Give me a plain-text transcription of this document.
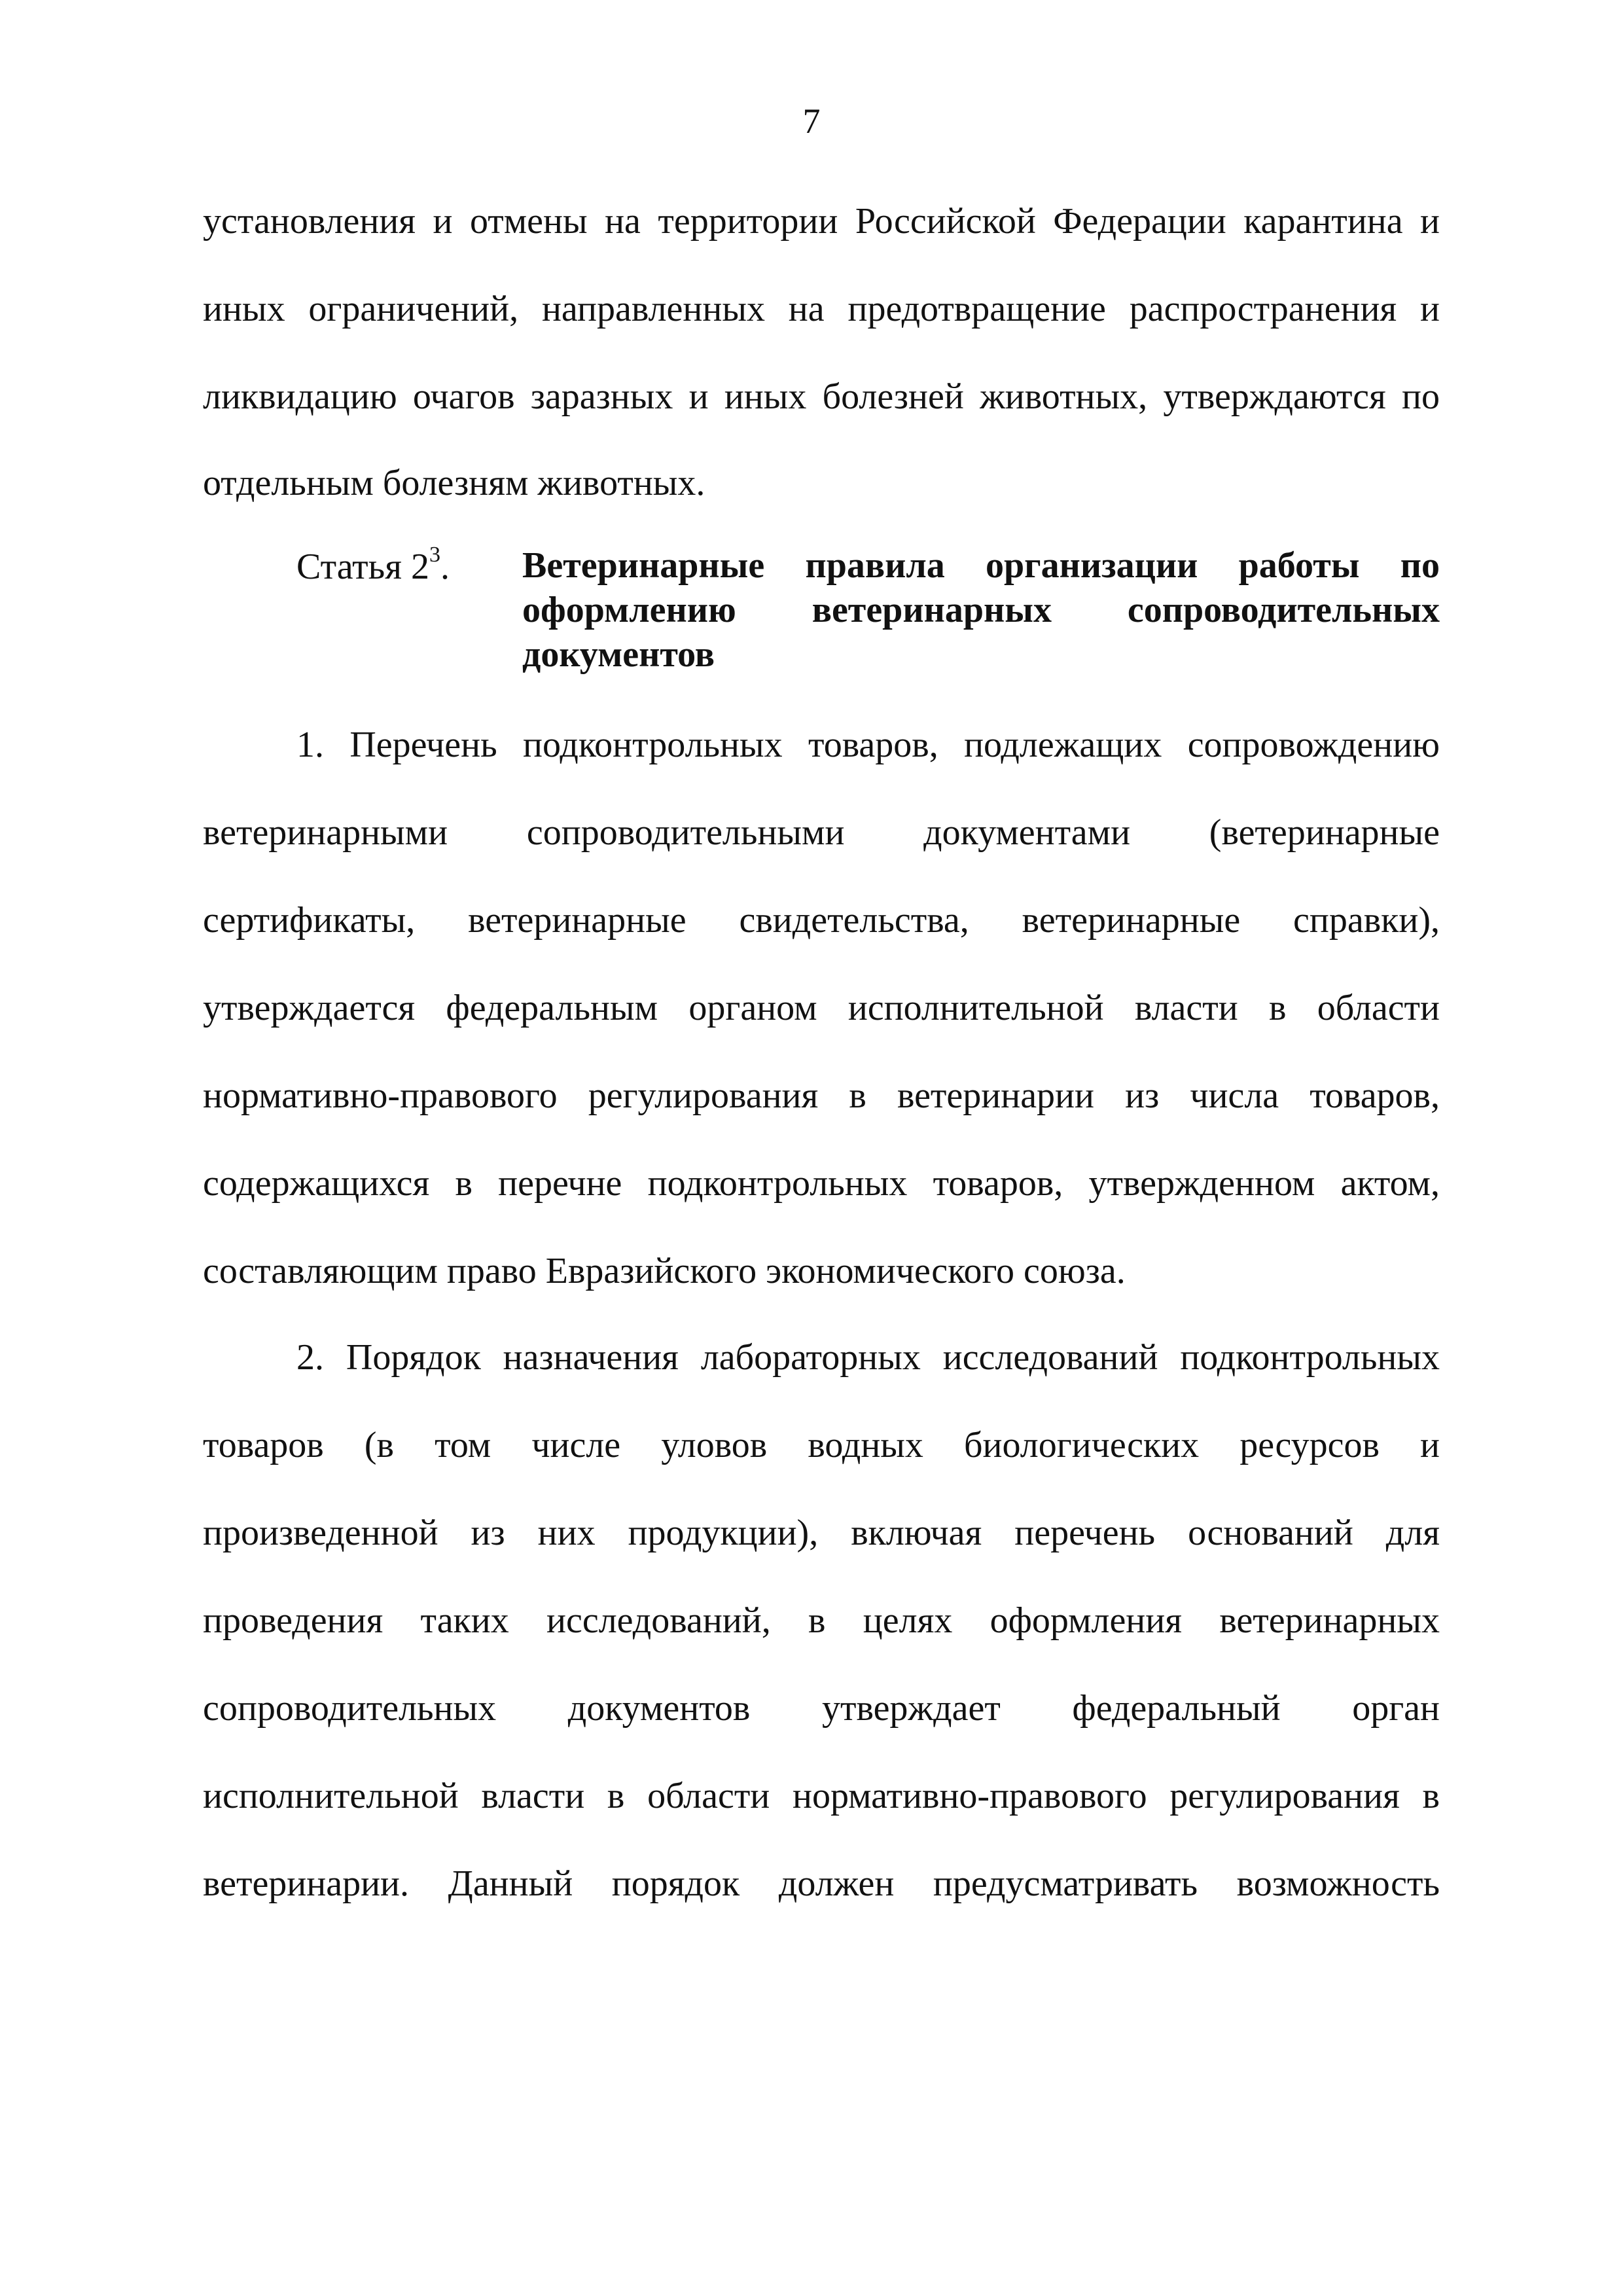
7
установления и отмены на территории Российской Федерации карантина и
иных ограничений, направленных на предотвращение распространения и
ликвидацию очагов заразных и иных болезней животных, утверждаются по
отдельным болезням животных.
Статья $2^3$. Ветеринарные правила организации работы по
оформлению ветеринарных сопроводительных
документов
1. Перечень подконтрольных товаров, подлежащих сопровождению
ветеринарными сопроводительными документами (ветеринарные
сертификаты, ветеринарные свидетельства, ветеринарные справки),
утверждается федеральным органом исполнительной власти в области
нормативно-правового регулирования в ветеринарии из числа товаров,
содержащихся в перечне подконтрольных товаров, утвержденном актом,
составляющим право Евразийского экономического союза.
2. Порядок назначения лабораторных исследований подконтрольных
товаров (в том числе уловов водных биологических ресурсов и
произведенной из них продукции), включая перечень оснований для
проведения таких исследований, в целях оформления ветеринарных
сопроводительных документов утверждает федеральный орган
исполнительной власти в области нормативно-правового регулирования в
ветеринарии. Данный порядок должен предусматривать возможность
